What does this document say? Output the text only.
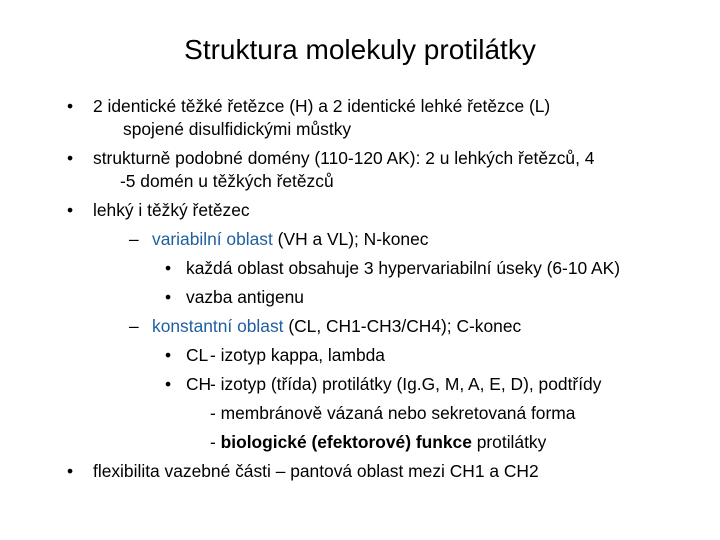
Struktura molekuly protilátky
• 2 identické těžké řetězce (H) a 2 identické lehké řetězce (L)
spojené disulfidickými můstky
• strukturně podobné domény (110-120 AK): 2 u lehkých řetězců, 4
-5 domén u těžkých řetězců
• lehký i těžký řetězec
– variabilní oblast (VH a VL); N-konec
• každá oblast obsahuje 3 hypervariabilní úseky (6-10 AK)
• vazba antigenu
– konstantní oblast (CL, CH1-CH3/CH4); C-konec
• CL - izotyp kappa, lambda
• CH
- izotyp (třída) protilátky (Ig.G, M, A, E, D), podtřídy
- membránově vázaná nebo sekretovaná forma
- biologické (efektorové) funkce protilátky
• flexibilita vazebné části – pantová oblast mezi CH1 a CH2
